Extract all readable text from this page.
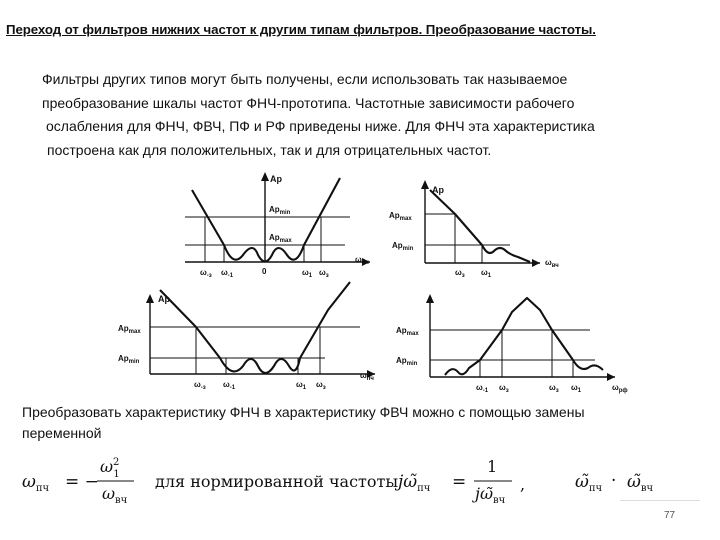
Переход от фильтров нижних частот к другим типам фильтров. Преобразование частоты.
Фильтры других типов могут быть получены, если использовать так называемое
преобразование шкалы частот ФНЧ-прототипа. Частотные зависимости рабочего
ослабления для ФНЧ, ФВЧ, ПФ и РФ приведены ниже. Для ФНЧ эта характеристика
построена как для положительных, так и для отрицательных частот.
Ap
$Ap_{min}$
$Ap_{max}$
$\omega_{-з}$ $\omega_{-1}$	0	$\omega_1$ $\omega_з$
$\omega_{нч}$
Ap
$Ap_{max}$
$Ap_{min}$
$\omega_з$ $\omega_1$
$\omega_{вч}$
Ap
$Ap_{max}$
$Ap_{min}$
$\omega_{-з}$ $\omega_{-1}$	$\omega_1$ $\omega_з$
$\omega_{пч}$
$Ap_{max}$
$Ap_{min}$
$\omega_{-1}$ $\omega_з$	$\omega_з$ $\omega_1$	$\omega_{рф}$
$\omega_{пч}$ = −
$\omega^2$ 1
$\omega_{вч}$
для нормированной частоты $j\omegã_{пч}$ =
1
$j\omegã_{вч}$
,	$\omegã_{пч}$ · $\omegã_{вч}$
Преобразовать характеристику ФНЧ в характеристику ФВЧ можно с помощью замены
переменной
77
